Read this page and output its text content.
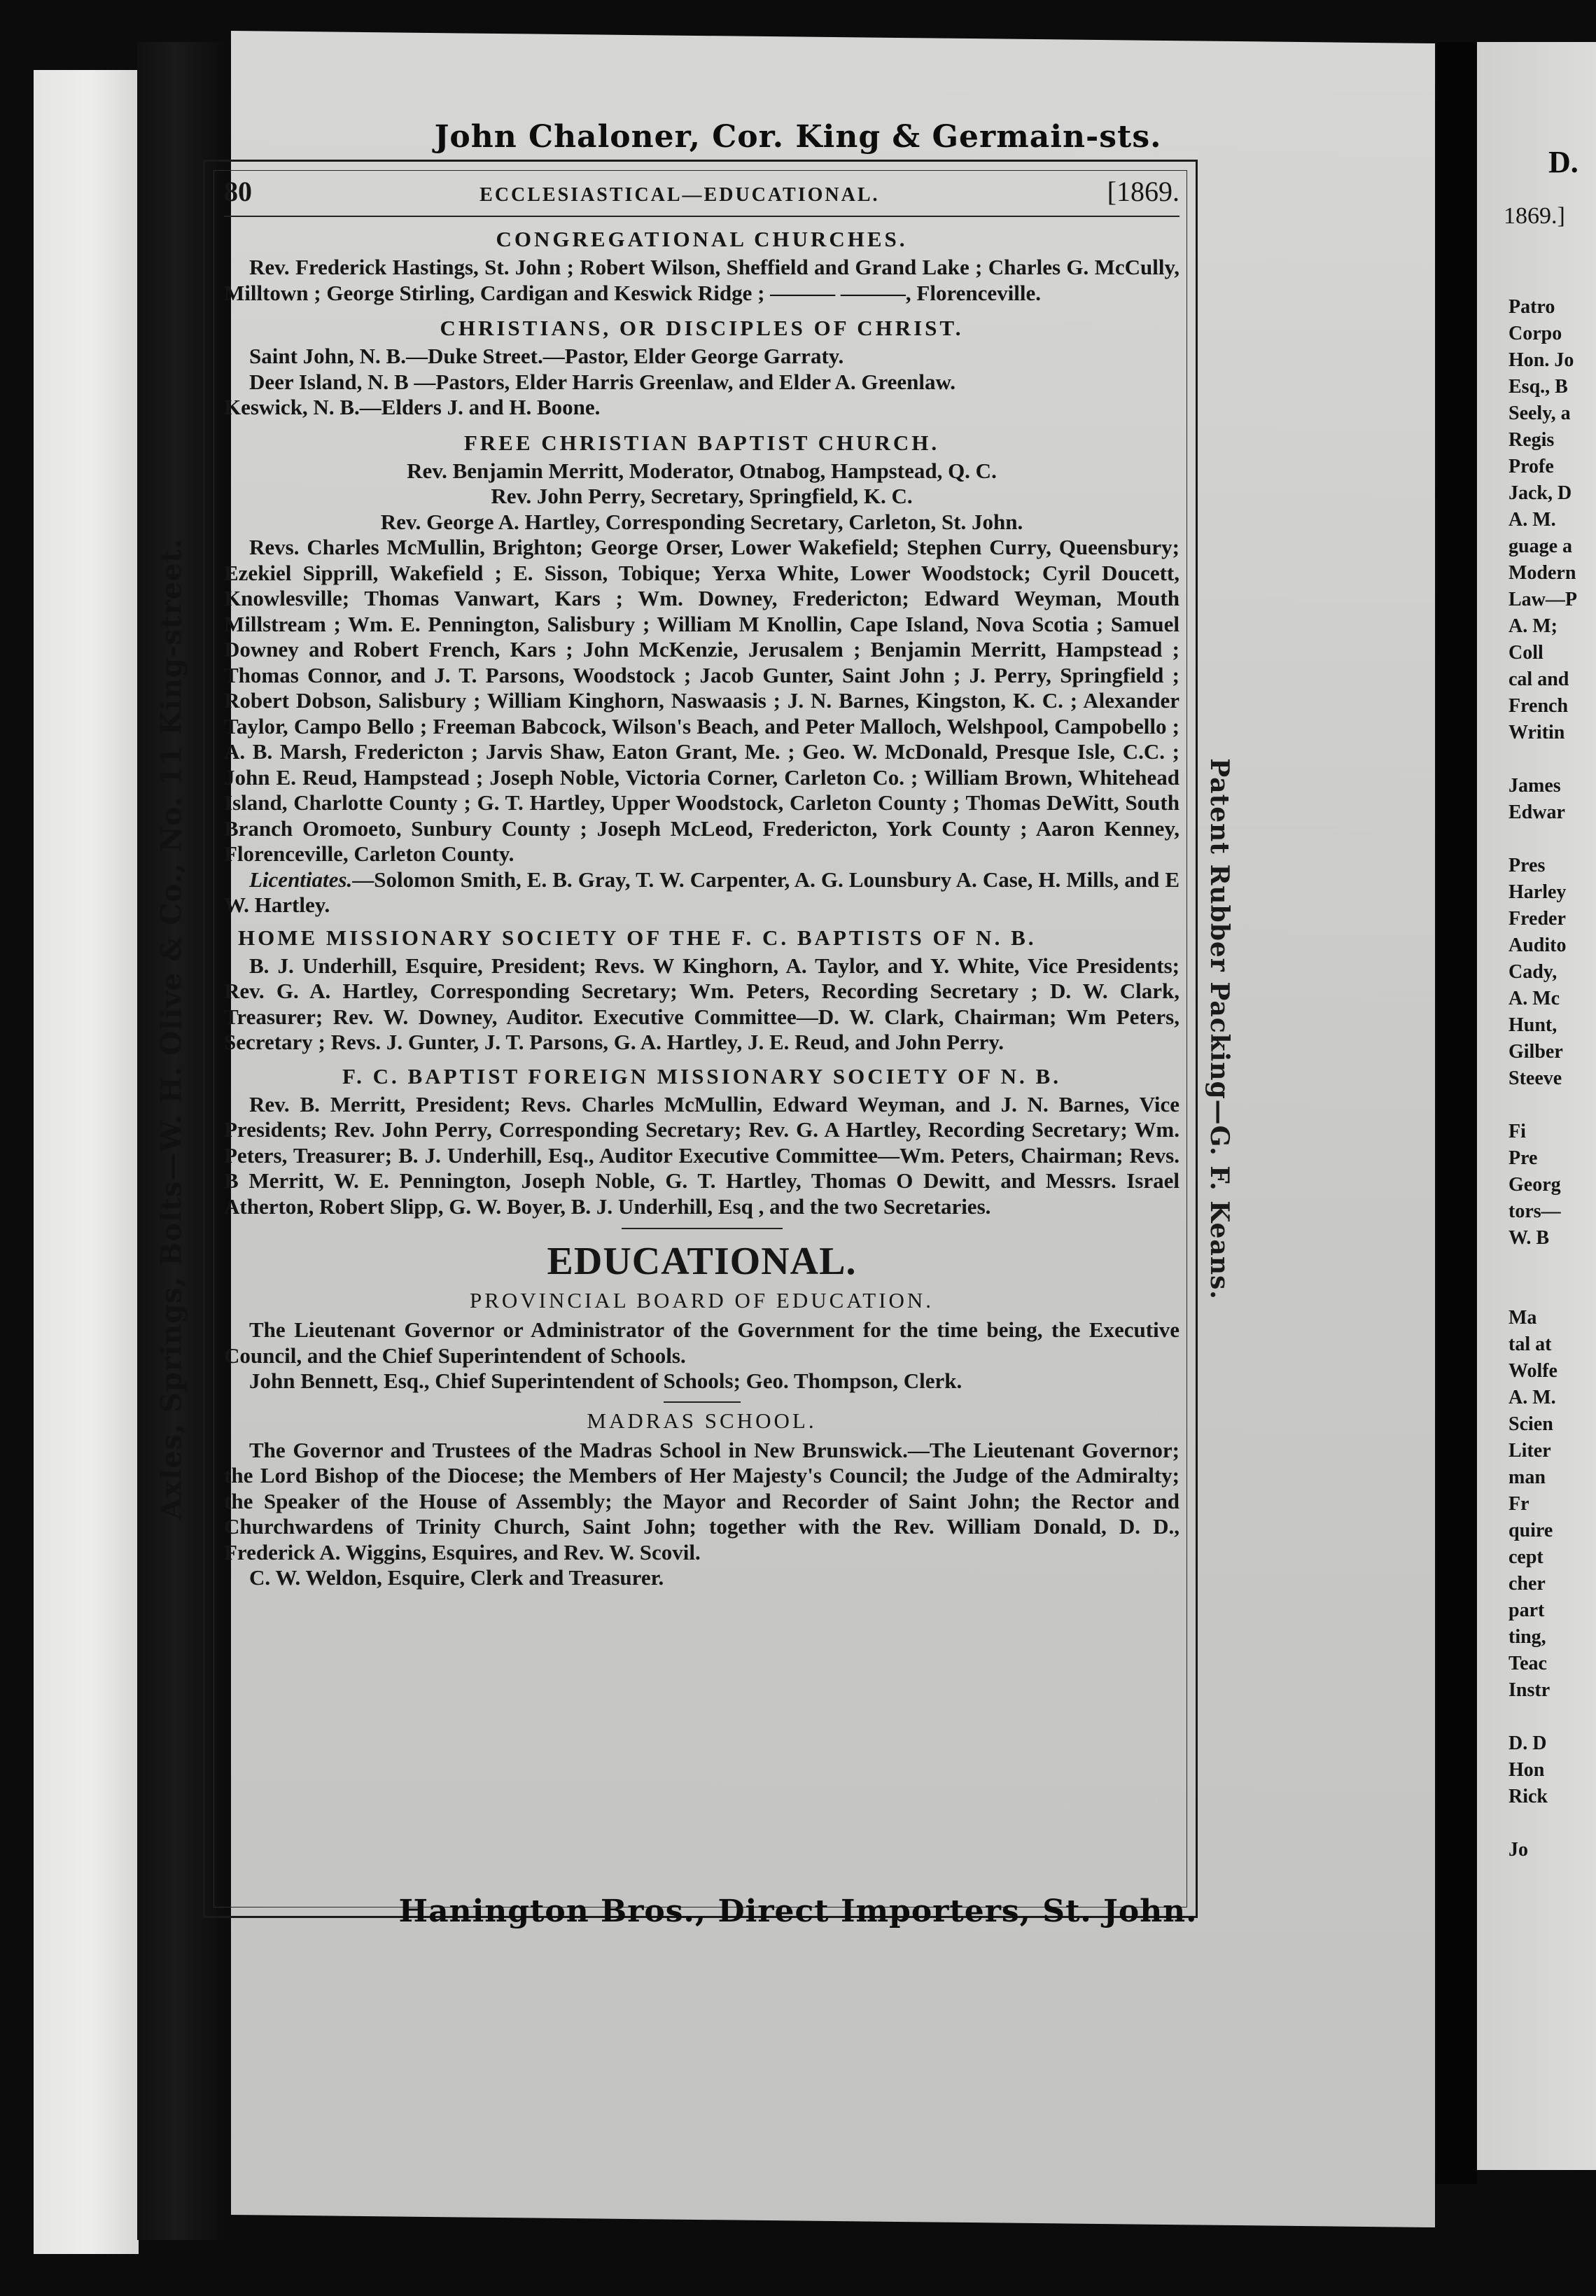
D.
1869.]
Patro
Corpo
Hon. Jo
Esq., B
Seely, a
Regis
Profe
Jack, D
A. M.
guage a
Modern
Law—P
A. M;
Coll
cal and
French
Writin

James
Edwar

Pres
Harley
Freder
Audito
Cady,
A. Mc
Hunt,
Gilber
Steeve

Fi
Pre
Georg
tors—
W. B

Ma
tal at
Wolfe
A. M.
Scien
Liter
man
Fr
quire
cept
cher
part
ting,
Teac
Instr

D. D
Hon
Rick

Jo
John Chaloner, Cor. King & Germain-sts.
Axles, Springs, Bolts—W. H. Olive & Co., No. 11 King-street.	Patent Rubber Packing—G. F. Keans.
80	ECCLESIASTICAL—EDUCATIONAL.	[1869.
CONGREGATIONAL CHURCHES.

Rev. Frederick Hastings, St. John ; Robert Wilson, Sheffield and Grand Lake ; Charles G. McCully, Milltown ; George Stirling, Cardigan and Keswick Ridge ; ——— ———, Florenceville.

CHRISTIANS, OR DISCIPLES OF CHRIST.

Saint John, N. B.—Duke Street.—Pastor, Elder George Garraty.

Deer Island, N. B —Pastors, Elder Harris Greenlaw, and Elder A. Greenlaw.

Keswick, N. B.—Elders J. and H. Boone.

FREE CHRISTIAN BAPTIST CHURCH.

Rev. Benjamin Merritt, Moderator, Otnabog, Hampstead, Q. C.

Rev. John Perry, Secretary, Springfield, K. C.

Rev. George A. Hartley, Corresponding Secretary, Carleton, St. John.

Revs. Charles McMullin, Brighton; George Orser, Lower Wakefield; Stephen Curry, Queensbury; Ezekiel Sipprill, Wakefield ; E. Sisson, Tobique; Yerxa White, Lower Woodstock; Cyril Doucett, Knowlesville; Thomas Vanwart, Kars ; Wm. Downey, Fredericton; Edward Weyman, Mouth Millstream ; Wm. E. Pennington, Salisbury ; William M Knollin, Cape Island, Nova Scotia ; Samuel Downey and Robert French, Kars ; John McKenzie, Jerusalem ; Benjamin Merritt, Hampstead ; Thomas Connor, and J. T. Parsons, Woodstock ; Jacob Gunter, Saint John ; J. Perry, Springfield ; Robert Dobson, Salisbury ; William Kinghorn, Naswaasis ; J. N. Barnes, Kingston, K. C. ; Alexander Taylor, Campo Bello ; Freeman Babcock, Wilson's Beach, and Peter Malloch, Welshpool, Campobello ; A. B. Marsh, Fredericton ; Jarvis Shaw, Eaton Grant, Me. ; Geo. W. McDonald, Presque Isle, C.C. ; John E. Reud, Hampstead ; Joseph Noble, Victoria Corner, Carleton Co. ; William Brown, Whitehead Island, Charlotte County ; G. T. Hartley, Upper Woodstock, Carleton County ; Thomas DeWitt, South Branch Oromoeto, Sunbury County ; Joseph McLeod, Fredericton, York County ; Aaron Kenney, Florenceville, Carleton County.

Licentiates.—Solomon Smith, E. B. Gray, T. W. Carpenter, A. G. Lounsbury A. Case, H. Mills, and E W. Hartley.

HOME MISSIONARY SOCIETY OF THE F. C. BAPTISTS OF N. B.

B. J. Underhill, Esquire, President; Revs. W Kinghorn, A. Taylor, and Y. White, Vice Presidents; Rev. G. A. Hartley, Corresponding Secretary; Wm. Peters, Recording Secretary ; D. W. Clark, Treasurer; Rev. W. Downey, Auditor. Executive Committee—D. W. Clark, Chairman; Wm Peters, Secretary ; Revs. J. Gunter, J. T. Parsons, G. A. Hartley, J. E. Reud, and John Perry.

F. C. BAPTIST FOREIGN MISSIONARY SOCIETY OF N. B.

Rev. B. Merritt, President; Revs. Charles McMullin, Edward Weyman, and J. N. Barnes, Vice Presidents; Rev. John Perry, Corresponding Secretary; Rev. G. A Hartley, Recording Secretary; Wm. Peters, Treasurer; B. J. Underhill, Esq., Auditor Executive Committee—Wm. Peters, Chairman; Revs. B Merritt, W. E. Pennington, Joseph Noble, G. T. Hartley, Thomas O Dewitt, and Messrs. Israel Atherton, Robert Slipp, G. W. Boyer, B. J. Underhill, Esq , and the two Secretaries.

EDUCATIONAL.
PROVINCIAL BOARD OF EDUCATION.

The Lieutenant Governor or Administrator of the Government for the time being, the Executive Council, and the Chief Superintendent of Schools.

John Bennett, Esq., Chief Superintendent of Schools; Geo. Thompson, Clerk.

MADRAS SCHOOL.

The Governor and Trustees of the Madras School in New Brunswick.—The Lieutenant Governor; the Lord Bishop of the Diocese; the Members of Her Majesty's Council; the Judge of the Admiralty; the Speaker of the House of Assembly; the Mayor and Recorder of Saint John; the Rector and Churchwardens of Trinity Church, Saint John; together with the Rev. William Donald, D. D., Frederick A. Wiggins, Esquires, and Rev. W. Scovil.

C. W. Weldon, Esquire, Clerk and Treasurer.

Hanington Bros., Direct Importers, St. John.
